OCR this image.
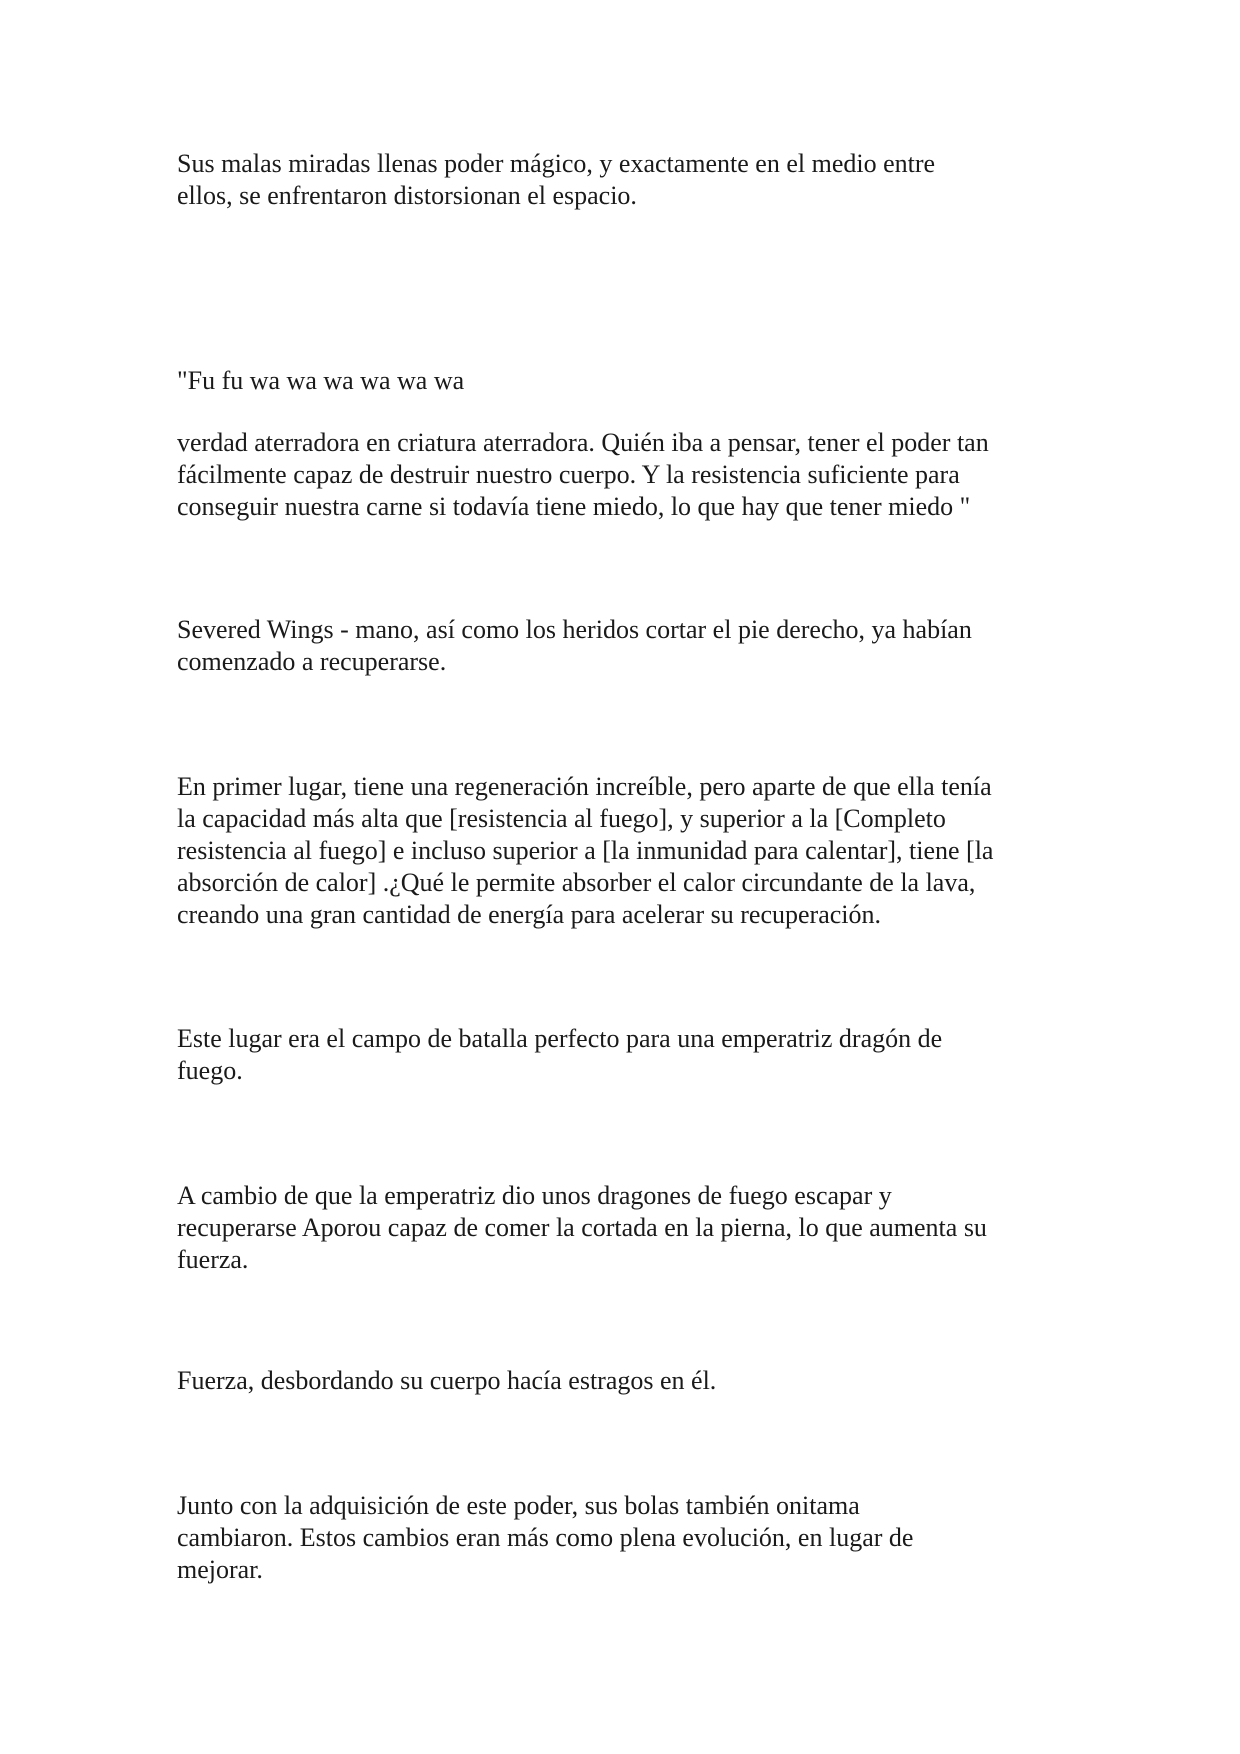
Sus malas miradas llenas poder mágico, y exactamente en el medio entre
ellos, se enfrentaron distorsionan el espacio.

"Fu fu wa wa wa wa wa wa

verdad aterradora en criatura aterradora. Quién iba a pensar, tener el poder tan
fácilmente capaz de destruir nuestro cuerpo. Y la resistencia suficiente para
conseguir nuestra carne si todavía tiene miedo, lo que hay que tener miedo "

Severed Wings - mano, así como los heridos cortar el pie derecho, ya habían
comenzado a recuperarse.

En primer lugar, tiene una regeneración increíble, pero aparte de que ella tenía
la capacidad más alta que [resistencia al fuego], y superior a la [Completo
resistencia al fuego] e incluso superior a [la inmunidad para calentar], tiene [la
absorción de calor] .¿Qué le permite absorber el calor circundante de la lava,
creando una gran cantidad de energía para acelerar su recuperación.

Este lugar era el campo de batalla perfecto para una emperatriz dragón de
fuego.

A cambio de que la emperatriz dio unos dragones de fuego escapar y
recuperarse Aporou capaz de comer la cortada en la pierna, lo que aumenta su
fuerza.

Fuerza, desbordando su cuerpo hacía estragos en él.

Junto con la adquisición de este poder, sus bolas también onitama
cambiaron. Estos cambios eran más como plena evolución, en lugar de
mejorar.
